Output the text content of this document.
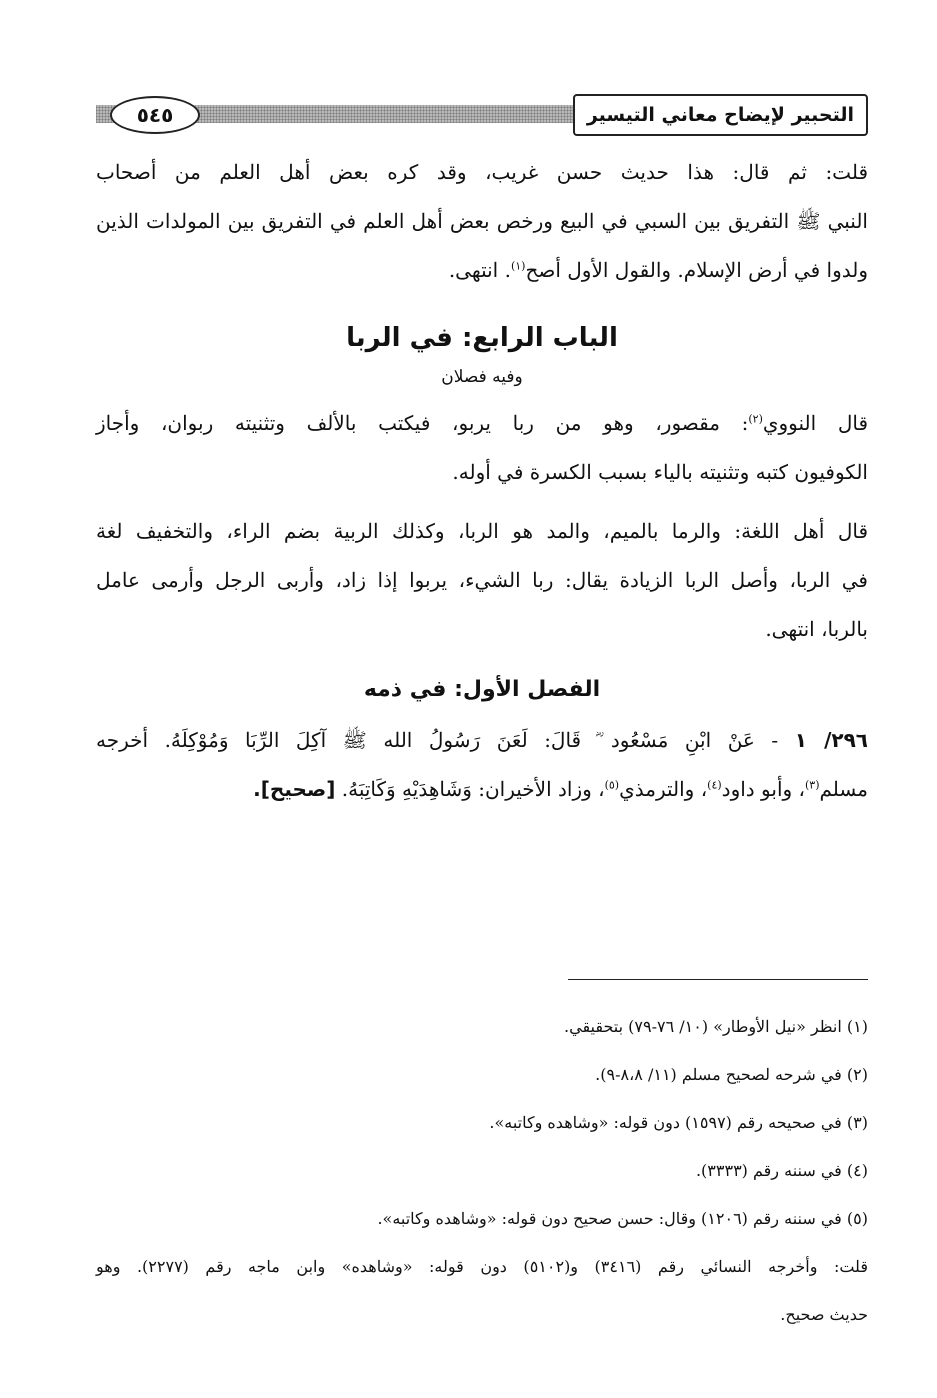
٥٤٥	التحبير لإيضاح معاني التيسير

قلت: ثم قال: هذا حديث حسن غريب، وقد كره بعض أهل العلم من أصحاب

النبي ﷺ التفريق بين السبي في البيع ورخص بعض أهل العلم في التفريق بين المولدات الذين

ولدوا في أرض الإسلام. والقول الأول أصح$^{(١)}$. انتهى.

الباب الرابع: في الربا
وفيه فصلان

قال النووي$^{(٢)}$: مقصور، وهو من ربا يربو، فيكتب بالألف وتثنيته ربوان، وأجاز

الكوفيون كتبه وتثنيته بالياء بسبب الكسرة في أوله.

قال أهل اللغة: والرما بالميم، والمد هو الربا، وكذلك الربية بضم الراء، والتخفيف لغة

في الربا، وأصل الربا الزيادة يقال: ربا الشيء، يربوا إذا زاد، وأربى الرجل وأرمى عامل

بالربا، انتهى.

الفصل الأول: في ذمه

٢٩٦/ ١ - عَنْ ابْنِ مَسْعُود ؓ قَالَ: لَعَنَ رَسُولُ الله ﷺ آكِلَ الرِّبَا وَمُوْكِلَهُ. أخرجه

مسلم$^{(٣)}$، وأبو داود$^{(٤)}$، والترمذي$^{(٥)}$، وزاد الأخيران: وَشَاهِدَيْهِ وَكَاتِبَهُ. [صحيح].

(١) انظر «نيل الأوطار» (١٠/ ٧٦-٧٩) بتحقيقي.

(٢) في شرحه لصحيح مسلم (١١/ ٨،٨-٩).

(٣) في صحيحه رقم (١٥٩٧) دون قوله: «وشاهده وكاتبه».

(٤) في سننه رقم (٣٣٣٣).

(٥) في سننه رقم (١٢٠٦) وقال: حسن صحيح دون قوله: «وشاهده وكاتبه».

قلت: وأخرجه النسائي رقم (٣٤١٦) و(٥١٠٢) دون قوله: «وشاهده» وابن ماجه رقم (٢٢٧٧). وهو

حديث صحيح.
